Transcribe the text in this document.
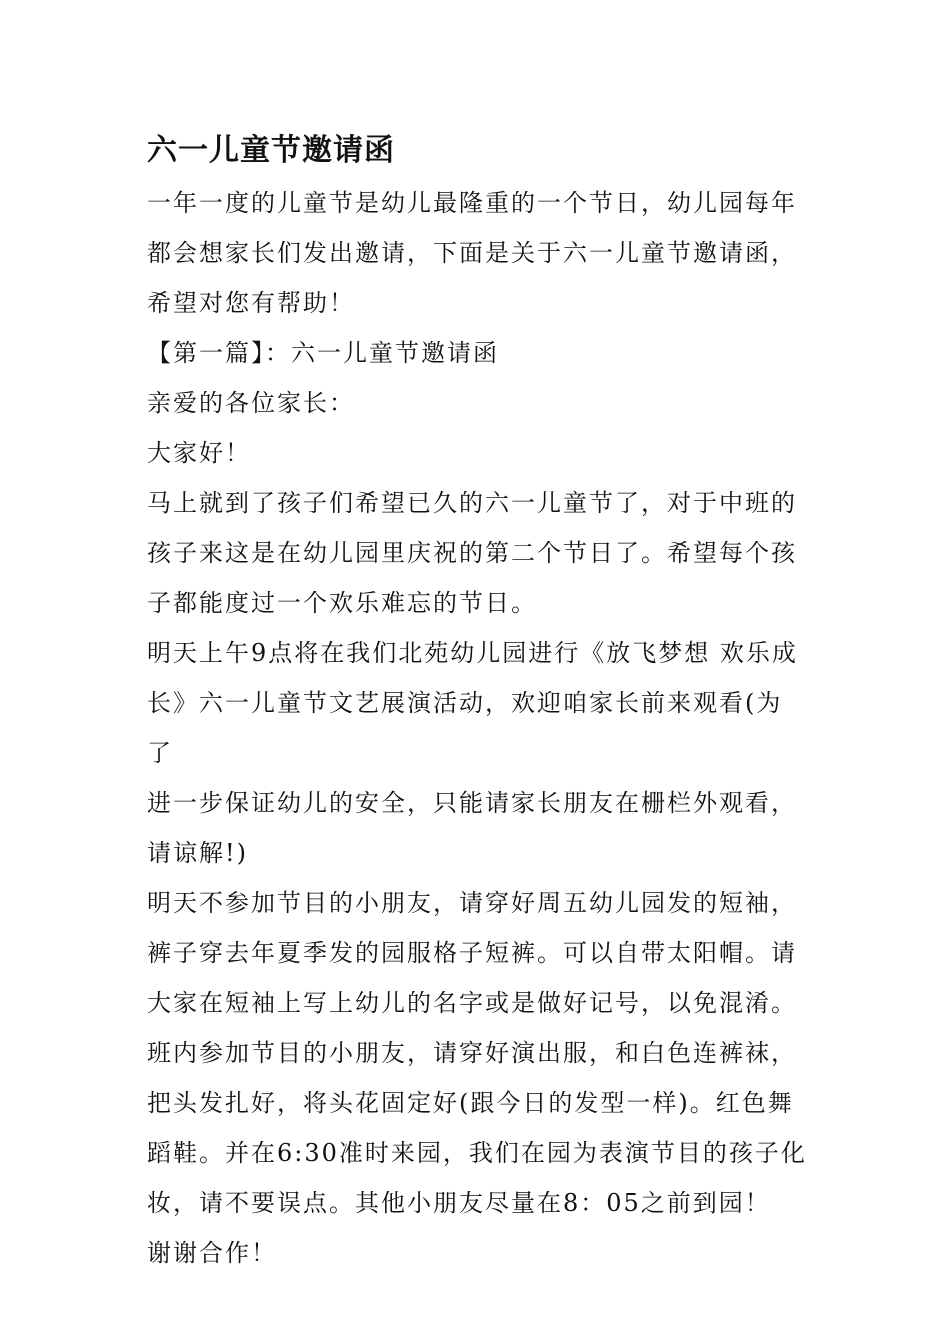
六一儿童节邀请函

一年一度的儿童节是幼儿最隆重的一个节日，幼儿园每年
都会想家长们发出邀请，下面是关于六一儿童节邀请函，
希望对您有帮助！

【第一篇】：六一儿童节邀请函

亲爱的各位家长：

大家好！

马上就到了孩子们希望已久的六一儿童节了，对于中班的
孩子来这是在幼儿园里庆祝的第二个节日了。希望每个孩
子都能度过一个欢乐难忘的节日。

明天上午9点将在我们北苑幼儿园进行《放飞梦想 欢乐成
长》六一儿童节文艺展演活动，欢迎咱家长前来观看(为了
进一步保证幼儿的安全，只能请家长朋友在栅栏外观看，
请谅解!)

明天不参加节目的小朋友，请穿好周五幼儿园发的短袖，
裤子穿去年夏季发的园服格子短裤。可以自带太阳帽。请
大家在短袖上写上幼儿的名字或是做好记号，以免混淆。

班内参加节目的小朋友，请穿好演出服，和白色连裤袜，
把头发扎好，将头花固定好(跟今日的发型一样)。红色舞
蹈鞋。并在6:30准时来园，我们在园为表演节目的孩子化
妆，请不要误点。其他小朋友尽量在8：05之前到园！

谢谢合作！
